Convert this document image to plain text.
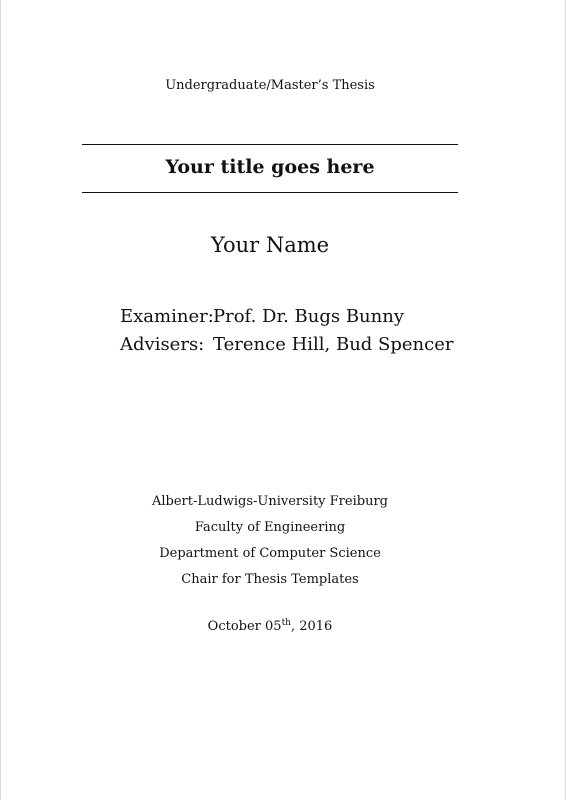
Undergraduate/Master’s Thesis
Your title goes here
Your Name
Examiner: Prof. Dr. Bugs Bunny
Advisers: Terence Hill, Bud Spencer
Albert-Ludwigs-University Freiburg
Faculty of Engineering
Department of Computer Science
Chair for Thesis Templates
October 05th, 2016
